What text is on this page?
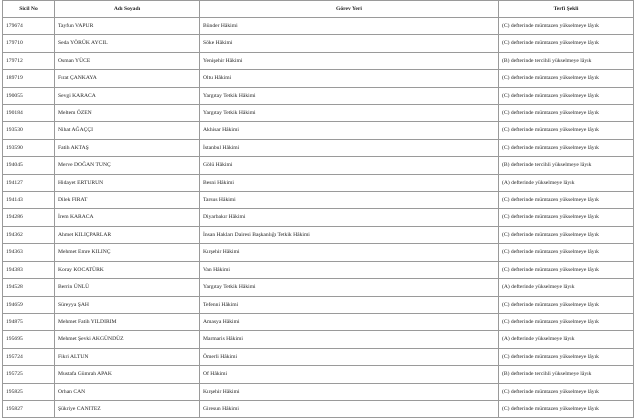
Sicil No	Adı Soyadı	Görev Yeri	Terfi Şekli
179674	Tayfun VAPUR	Bünder Hâkimi	(C) defterinde mümtazen yükselmeye lâyık
179710	Seda YÖRÜK AYCIL	Söke Hâkimi	(C) defterinde mümtazen yükselmeye lâyık
179712	Osman YÜCE	Yenişehir Hâkimi	(B) defterinde tercihli yükselmeye lâyık
189719	Fırat ÇANKAYA	Oltu Hâkimi	(C) defterinde mümtazen yükselmeye lâyık
190055	Sevgi KARACA	Yargıtay Tetkik Hâkimi	(C) defterinde mümtazen yükselmeye lâyık
190184	Meltem ÖZEN	Yargıtay Tetkik Hâkimi	(C) defterinde mümtazen yükselmeye lâyık
193530	Nihat AĞAÇÇI	Akhisar Hâkimi	(C) defterinde mümtazen yükselmeye lâyık
193590	Fatih AKTAŞ	İstanbul Hâkimi	(C) defterinde mümtazen yükselmeye lâyık
194045	Merve DOĞAN TUNÇ	Gölü Hâkimi	(B) defterinde tercihli yükselmeye lâyık
194127	Hidayet ERTURUN	Besni Hâkimi	(A) defterinde yükselmeye lâyık
194143	Dilek FIRAT	Tarsus Hâkimi	(C) defterinde mümtazen yükselmeye lâyık
194286	İrem KARACA	Diyarbakır Hâkimi	(C) defterinde mümtazen yükselmeye lâyık
194362	Ahmet KILIÇPARLAR	İnsan Hakları Dairesi Başkanlığı Tetkik Hâkimi	(C) defterinde mümtazen yükselmeye lâyık
194363	Mehmet Emre KILINÇ	Kırşehir Hâkimi	(C) defterinde mümtazen yükselmeye lâyık
194383	Koray KOCATÜRK	Van Hâkimi	(C) defterinde mümtazen yükselmeye lâyık
194528	Berrin ÜNLÜ	Yargıtay Tetkik Hâkimi	(A) defterinde yükselmeye lâyık
194659	Süreyya ŞAH	Tefenni Hâkimi	(C) defterinde mümtazen yükselmeye lâyık
194875	Mehmet Fatih YILDIRIM	Amasya Hâkimi	(C) defterinde mümtazen yükselmeye lâyık
195695	Mehmet Şevki AKGÜNDÜZ	Marmaris Hâkimi	(A) defterinde yükselmeye lâyık
195724	Fikri ALTUN	Ömerli Hâkimi	(C) defterinde mümtazen yükselmeye lâyık
195725	Mustafa Gümrah APAK	Of Hâkimi	(B) defterinde tercihli yükselmeye lâyık
195825	Orhan CAN	Kırşehir Hâkimi	(C) defterinde mümtazen yükselmeye lâyık
195827	Şükriye CANITEZ	Giresun Hâkimi	(C) defterinde mümtazen yükselmeye lâyık
